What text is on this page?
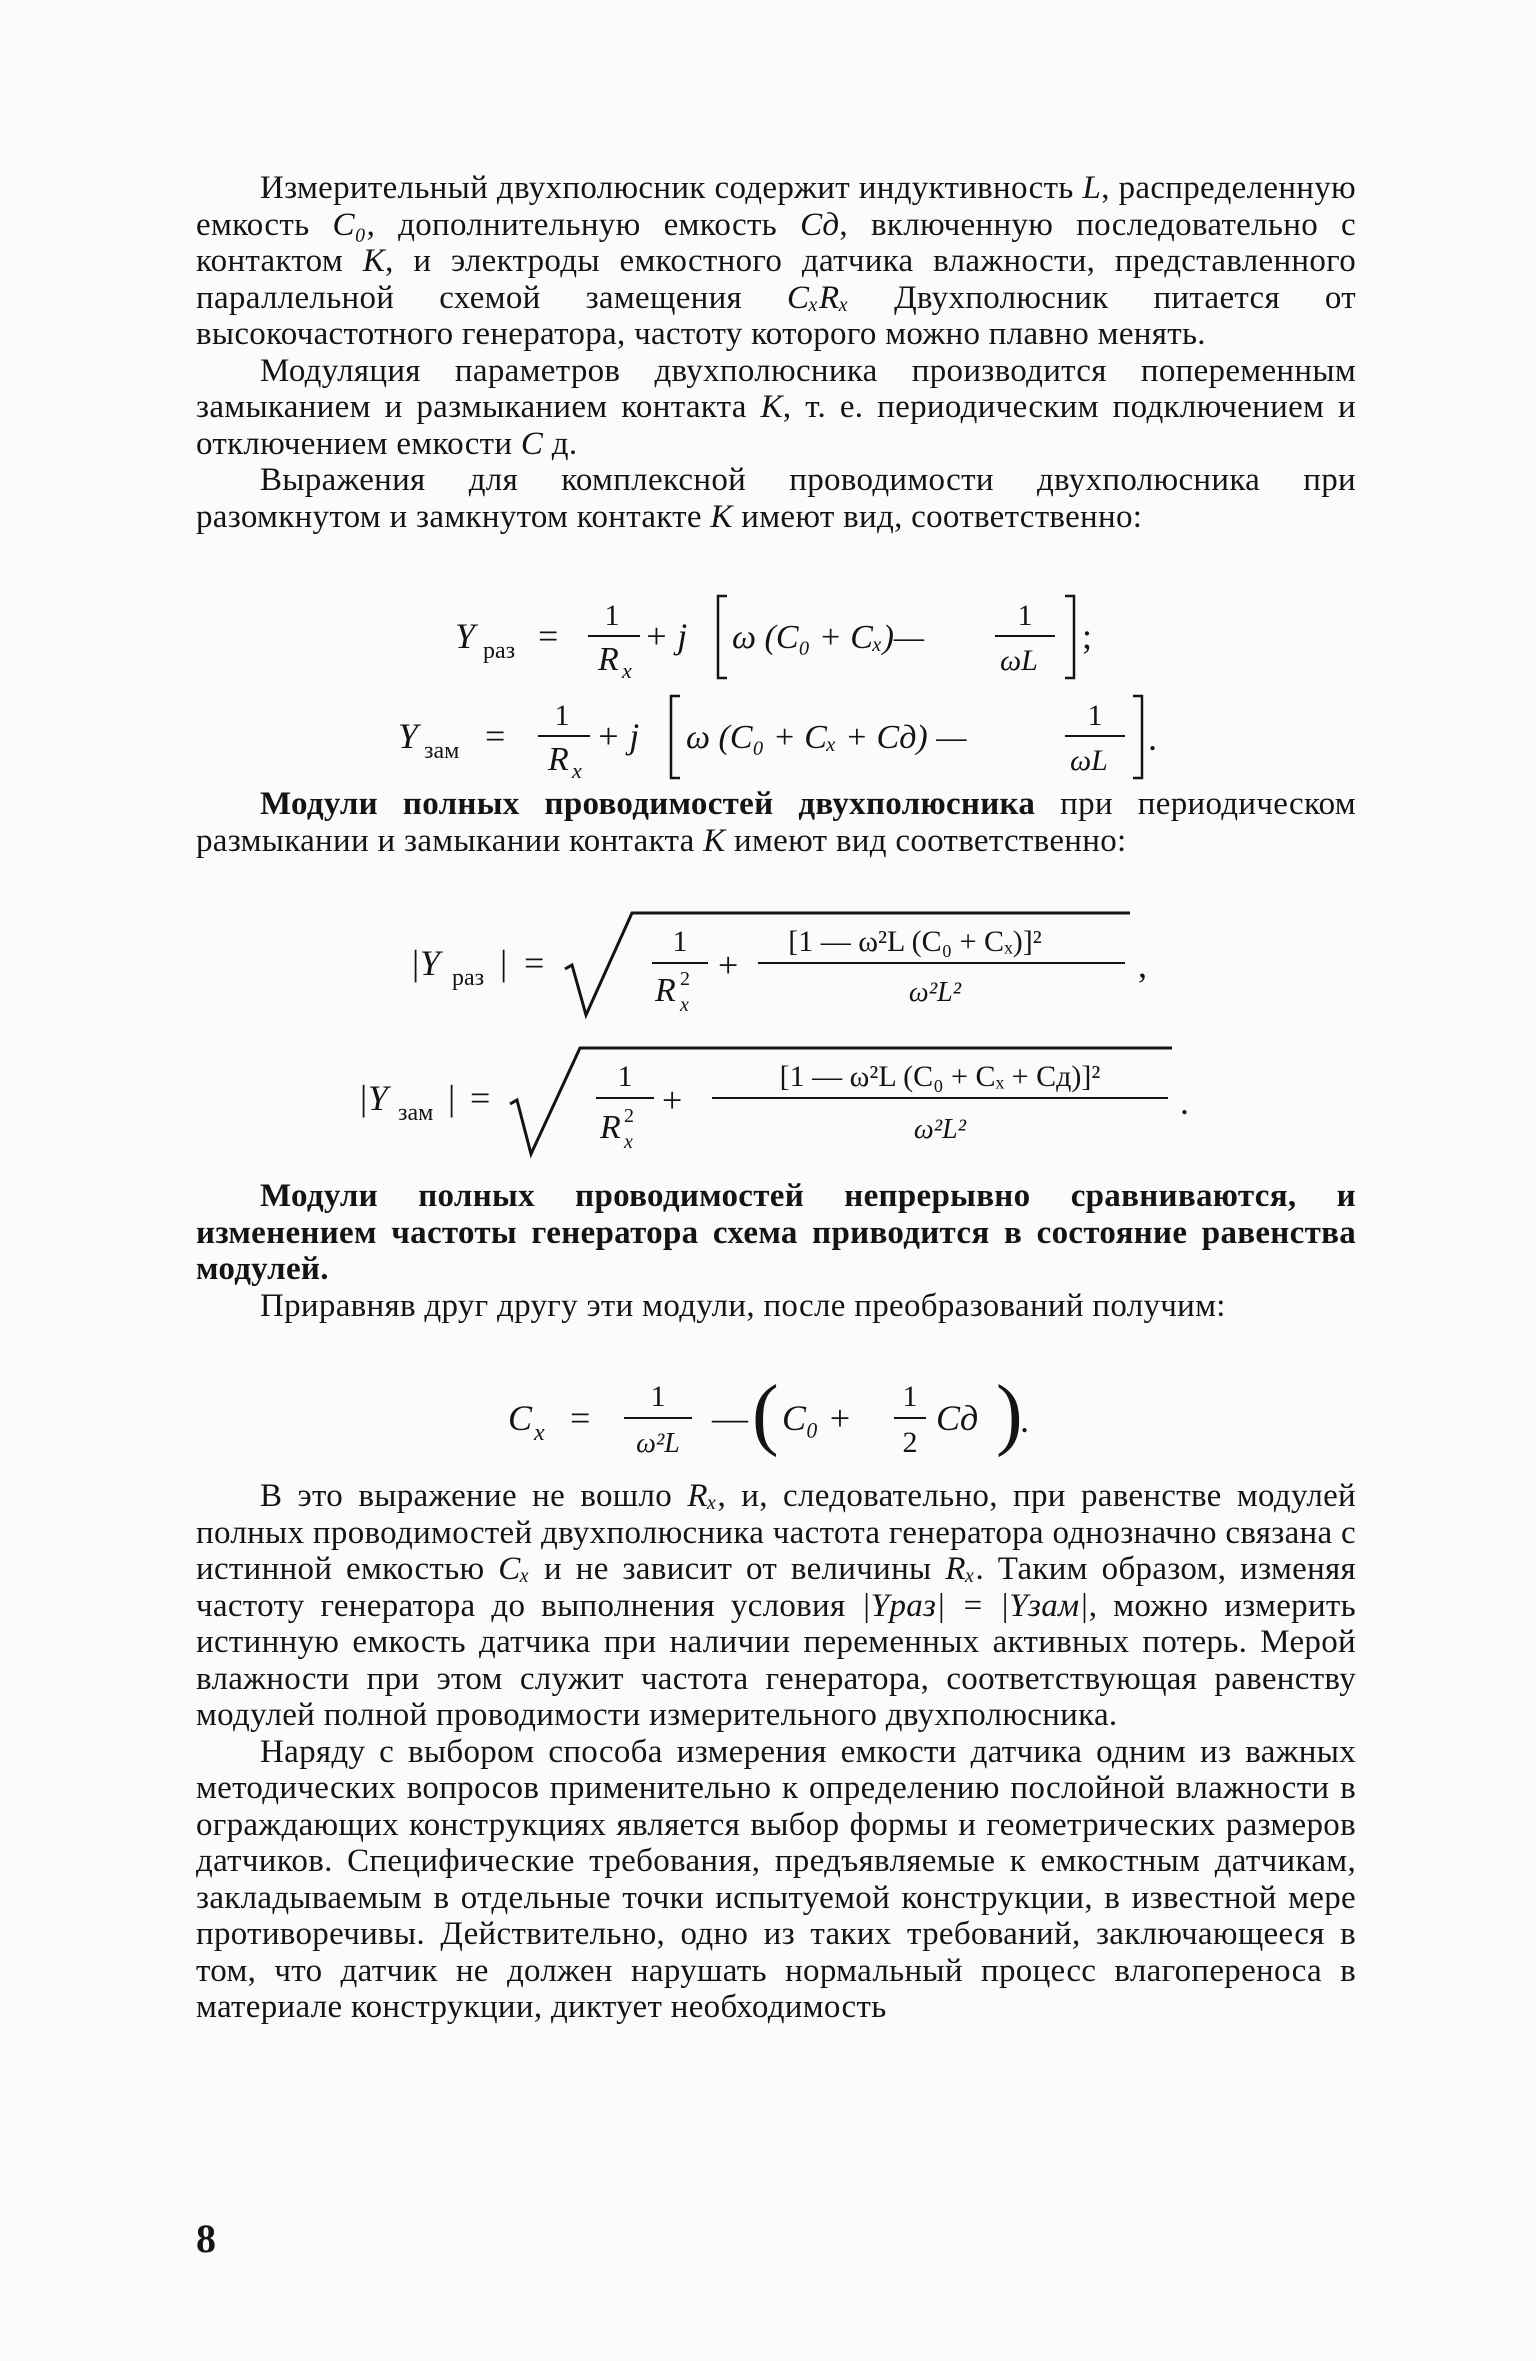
Измерительный двухполюсник содержит индуктивность L, распределенную емкость C₀, дополнительную емкость Cд, включенную последовательно с контактом K, и электроды емкостного датчика влажности, представленного параллельной схемой замещения CₓRₓ Двухполюсник питается от высокочастотного генератора, частоту которого можно плавно менять.

Модуляция параметров двухполюсника производится попеременным замыканием и размыканием контакта K, т. е. периодическим подключением и отключением емкости C д.

Выражения для комплексной проводимости двухполюсника при разомкнутом и замкнутом контакте K имеют вид, соответственно:

Y раз =
1
R x
+ j ω (C₀ + Cₓ)—
1
ωL
;
Y зам =
1
R x
+ j ω (C₀ + Cₓ + Cд) —
1
ωL
.

Модули полных проводимостей двухполюсника при периодическом размыкании и замыкании контакта K имеют вид соответственно:

|Y раз | =
1
R 2
x
+
[1 — ω²L (C₀ + Cₓ)]²
ω²L²
,
|Y зам | =
1
R 2
x
+
[1 — ω²L (C₀ + Cₓ + Cд)]²
ω²L²
.

Модули полных проводимостей непрерывно сравниваются, и изменением частоты генератора схема приводится в состояние равенства модулей.

Приравняв друг другу эти модули, после преобразований получим:

C x =
1
ω²L
— ( C₀ +
1
2
Cд )
.

В это выражение не вошло Rₓ, и, следовательно, при равенстве модулей полных проводимостей двухполюсника частота генератора однозначно связана с истинной емкостью Cₓ и не зависит от величины Rₓ. Таким образом, изменяя частоту генератора до выполнения условия |Yраз| = |Yзам|, можно измерить истинную емкость датчика при наличии переменных активных потерь. Мерой влажности при этом служит частота генератора, соответствующая равенству модулей полной проводимости измерительного двухполюсника.

Наряду с выбором способа измерения емкости датчика одним из важных методических вопросов применительно к определению послойной влажности в ограждающих конструкциях является выбор формы и геометрических размеров датчиков. Специфические требования, предъявляемые к емкостным датчикам, закладываемым в отдельные точки испытуемой конструкции, в известной мере противоречивы. Действительно, одно из таких требований, заключающееся в том, что датчик не должен нарушать нормальный процесс влагопереноса в материале конструкции, диктует необходимость

8
